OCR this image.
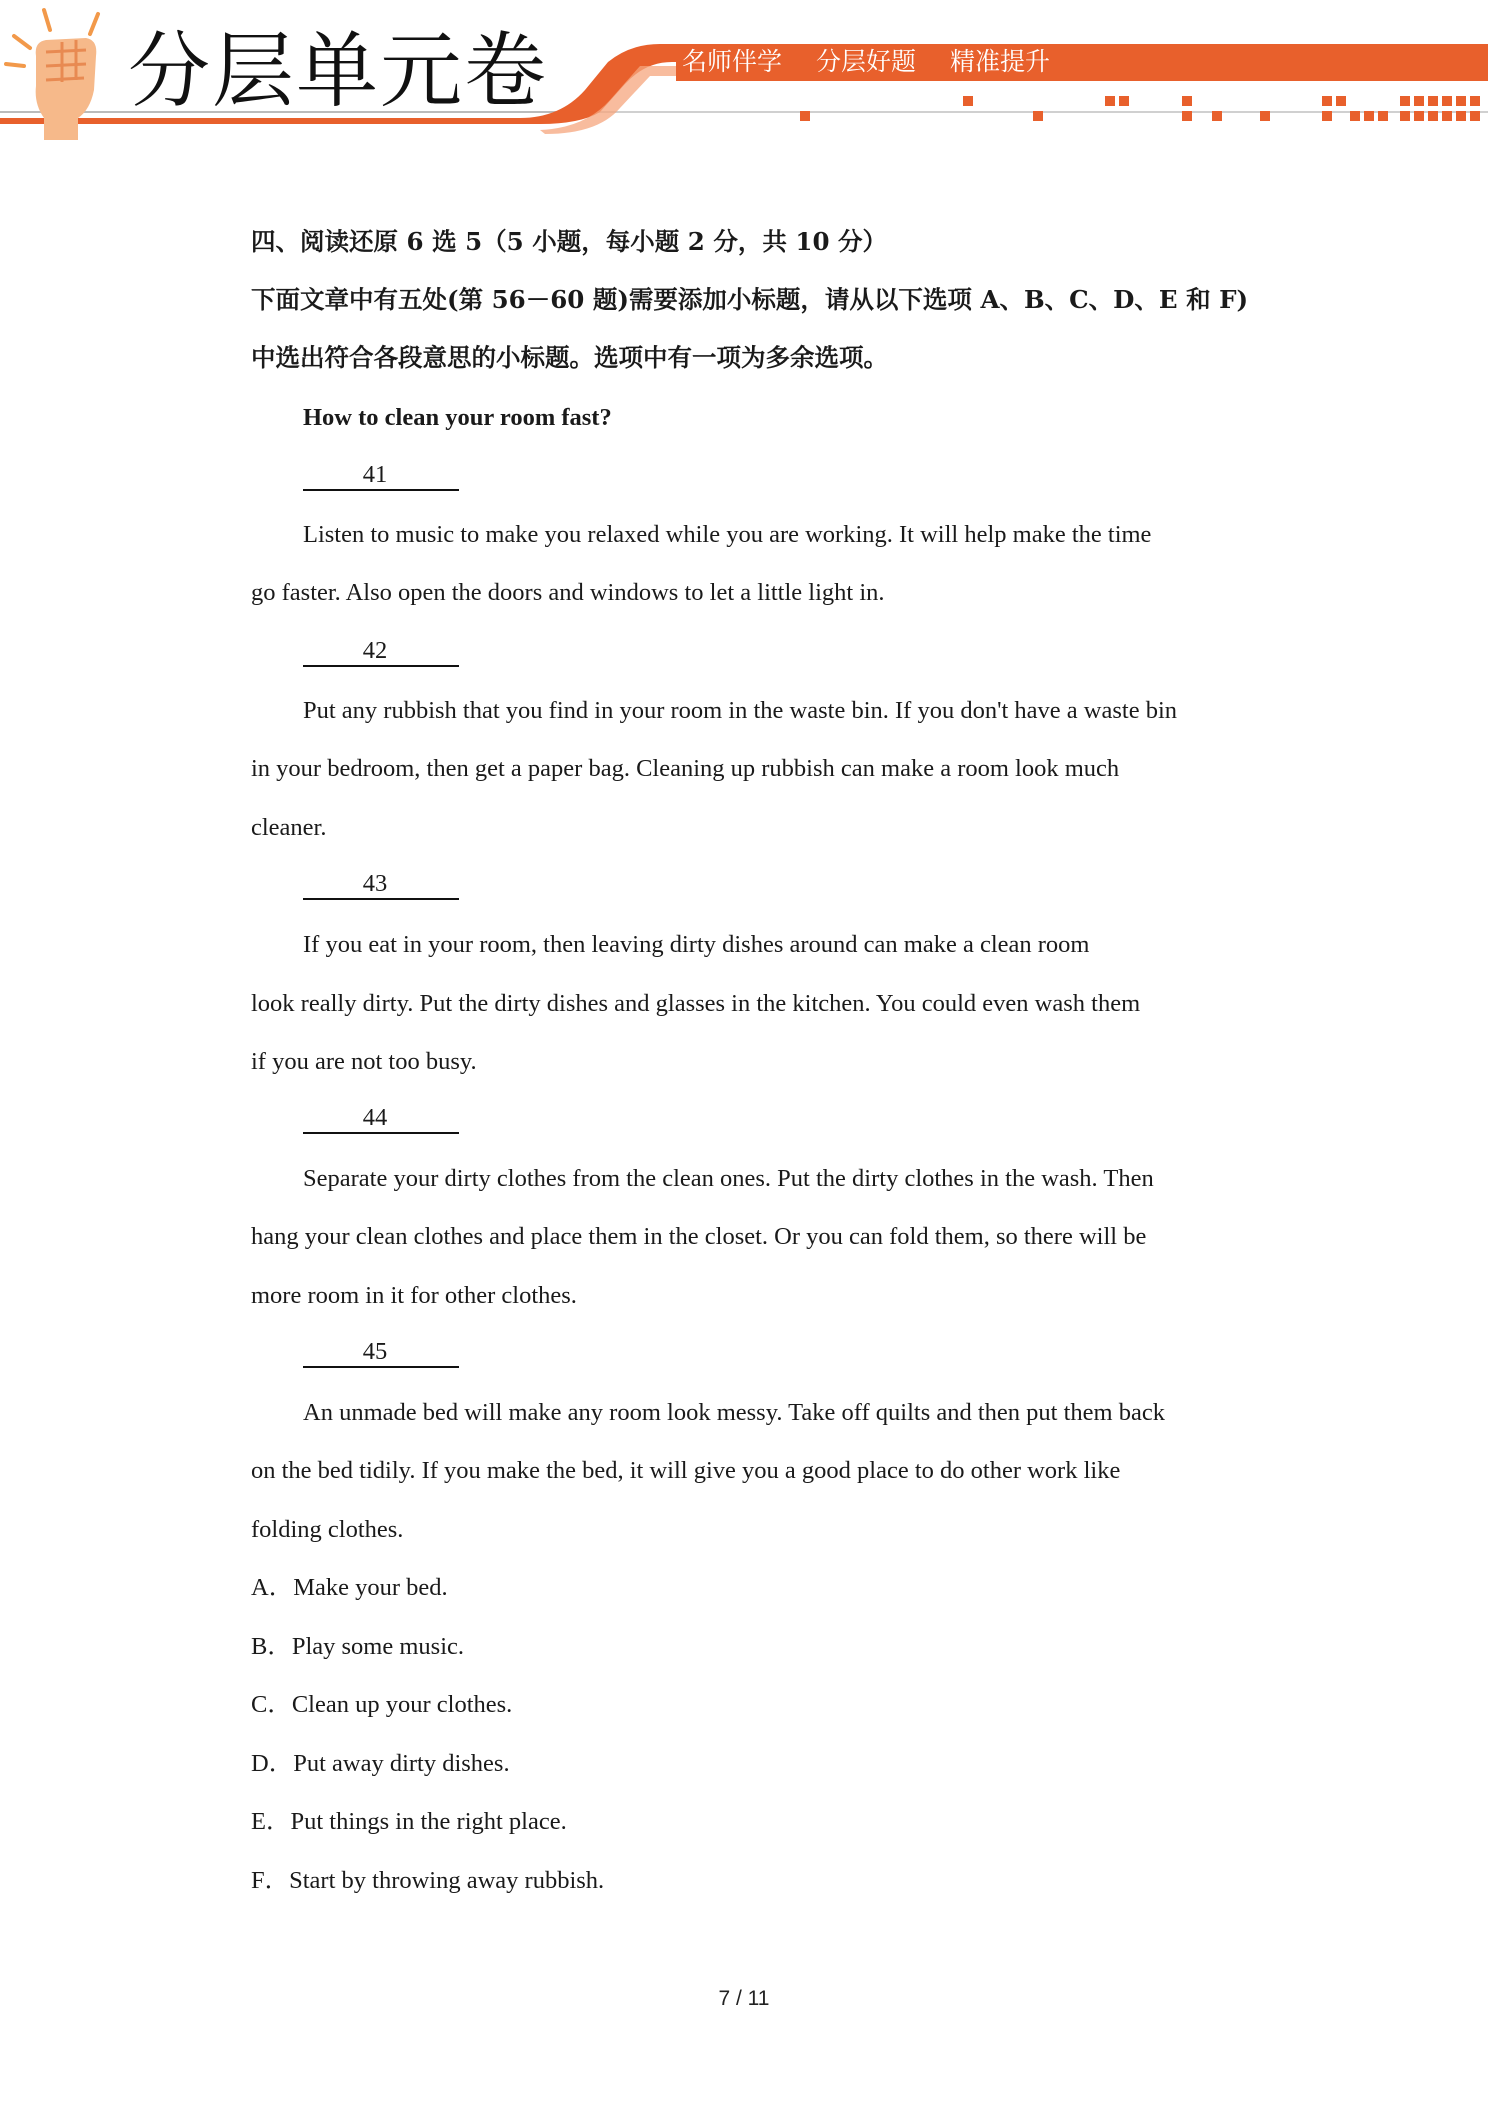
分层单元卷	名师伴学 分层好题 精准提升
四、阅读还原 6 选 5（5 小题，每小题 2 分，共 10 分）
下面文章中有五处(第 56－60 题)需要添加小标题，请从以下选项 A、B、C、D、E 和 F)
中选出符合各段意思的小标题。选项中有一项为多余选项。
How to clean your room fast?
41
Listen to music to make you relaxed while you are working. It will help make the time
go faster. Also open the doors and windows to let a little light in.
42
Put any rubbish that you find in your room in the waste bin. If you don't have a waste bin
in your bedroom, then get a paper bag. Cleaning up rubbish can make a room look much
cleaner.
43
If you eat in your room, then leaving dirty dishes around can make a clean room
look really dirty. Put the dirty dishes and glasses in the kitchen. You could even wash them
if you are not too busy.
44
Separate your dirty clothes from the clean ones. Put the dirty clothes in the wash. Then
hang your clean clothes and place them in the closet. Or you can fold them, so there will be
more room in it for other clothes.
45
An unmade bed will make any room look messy. Take off quilts and then put them back
on the bed tidily. If you make the bed, it will give you a good place to do other work like
folding clothes.
A．Make your bed.
B．Play some music.
C．Clean up your clothes.
D．Put away dirty dishes.
E．Put things in the right place.
F．Start by throwing away rubbish.
7 / 11
